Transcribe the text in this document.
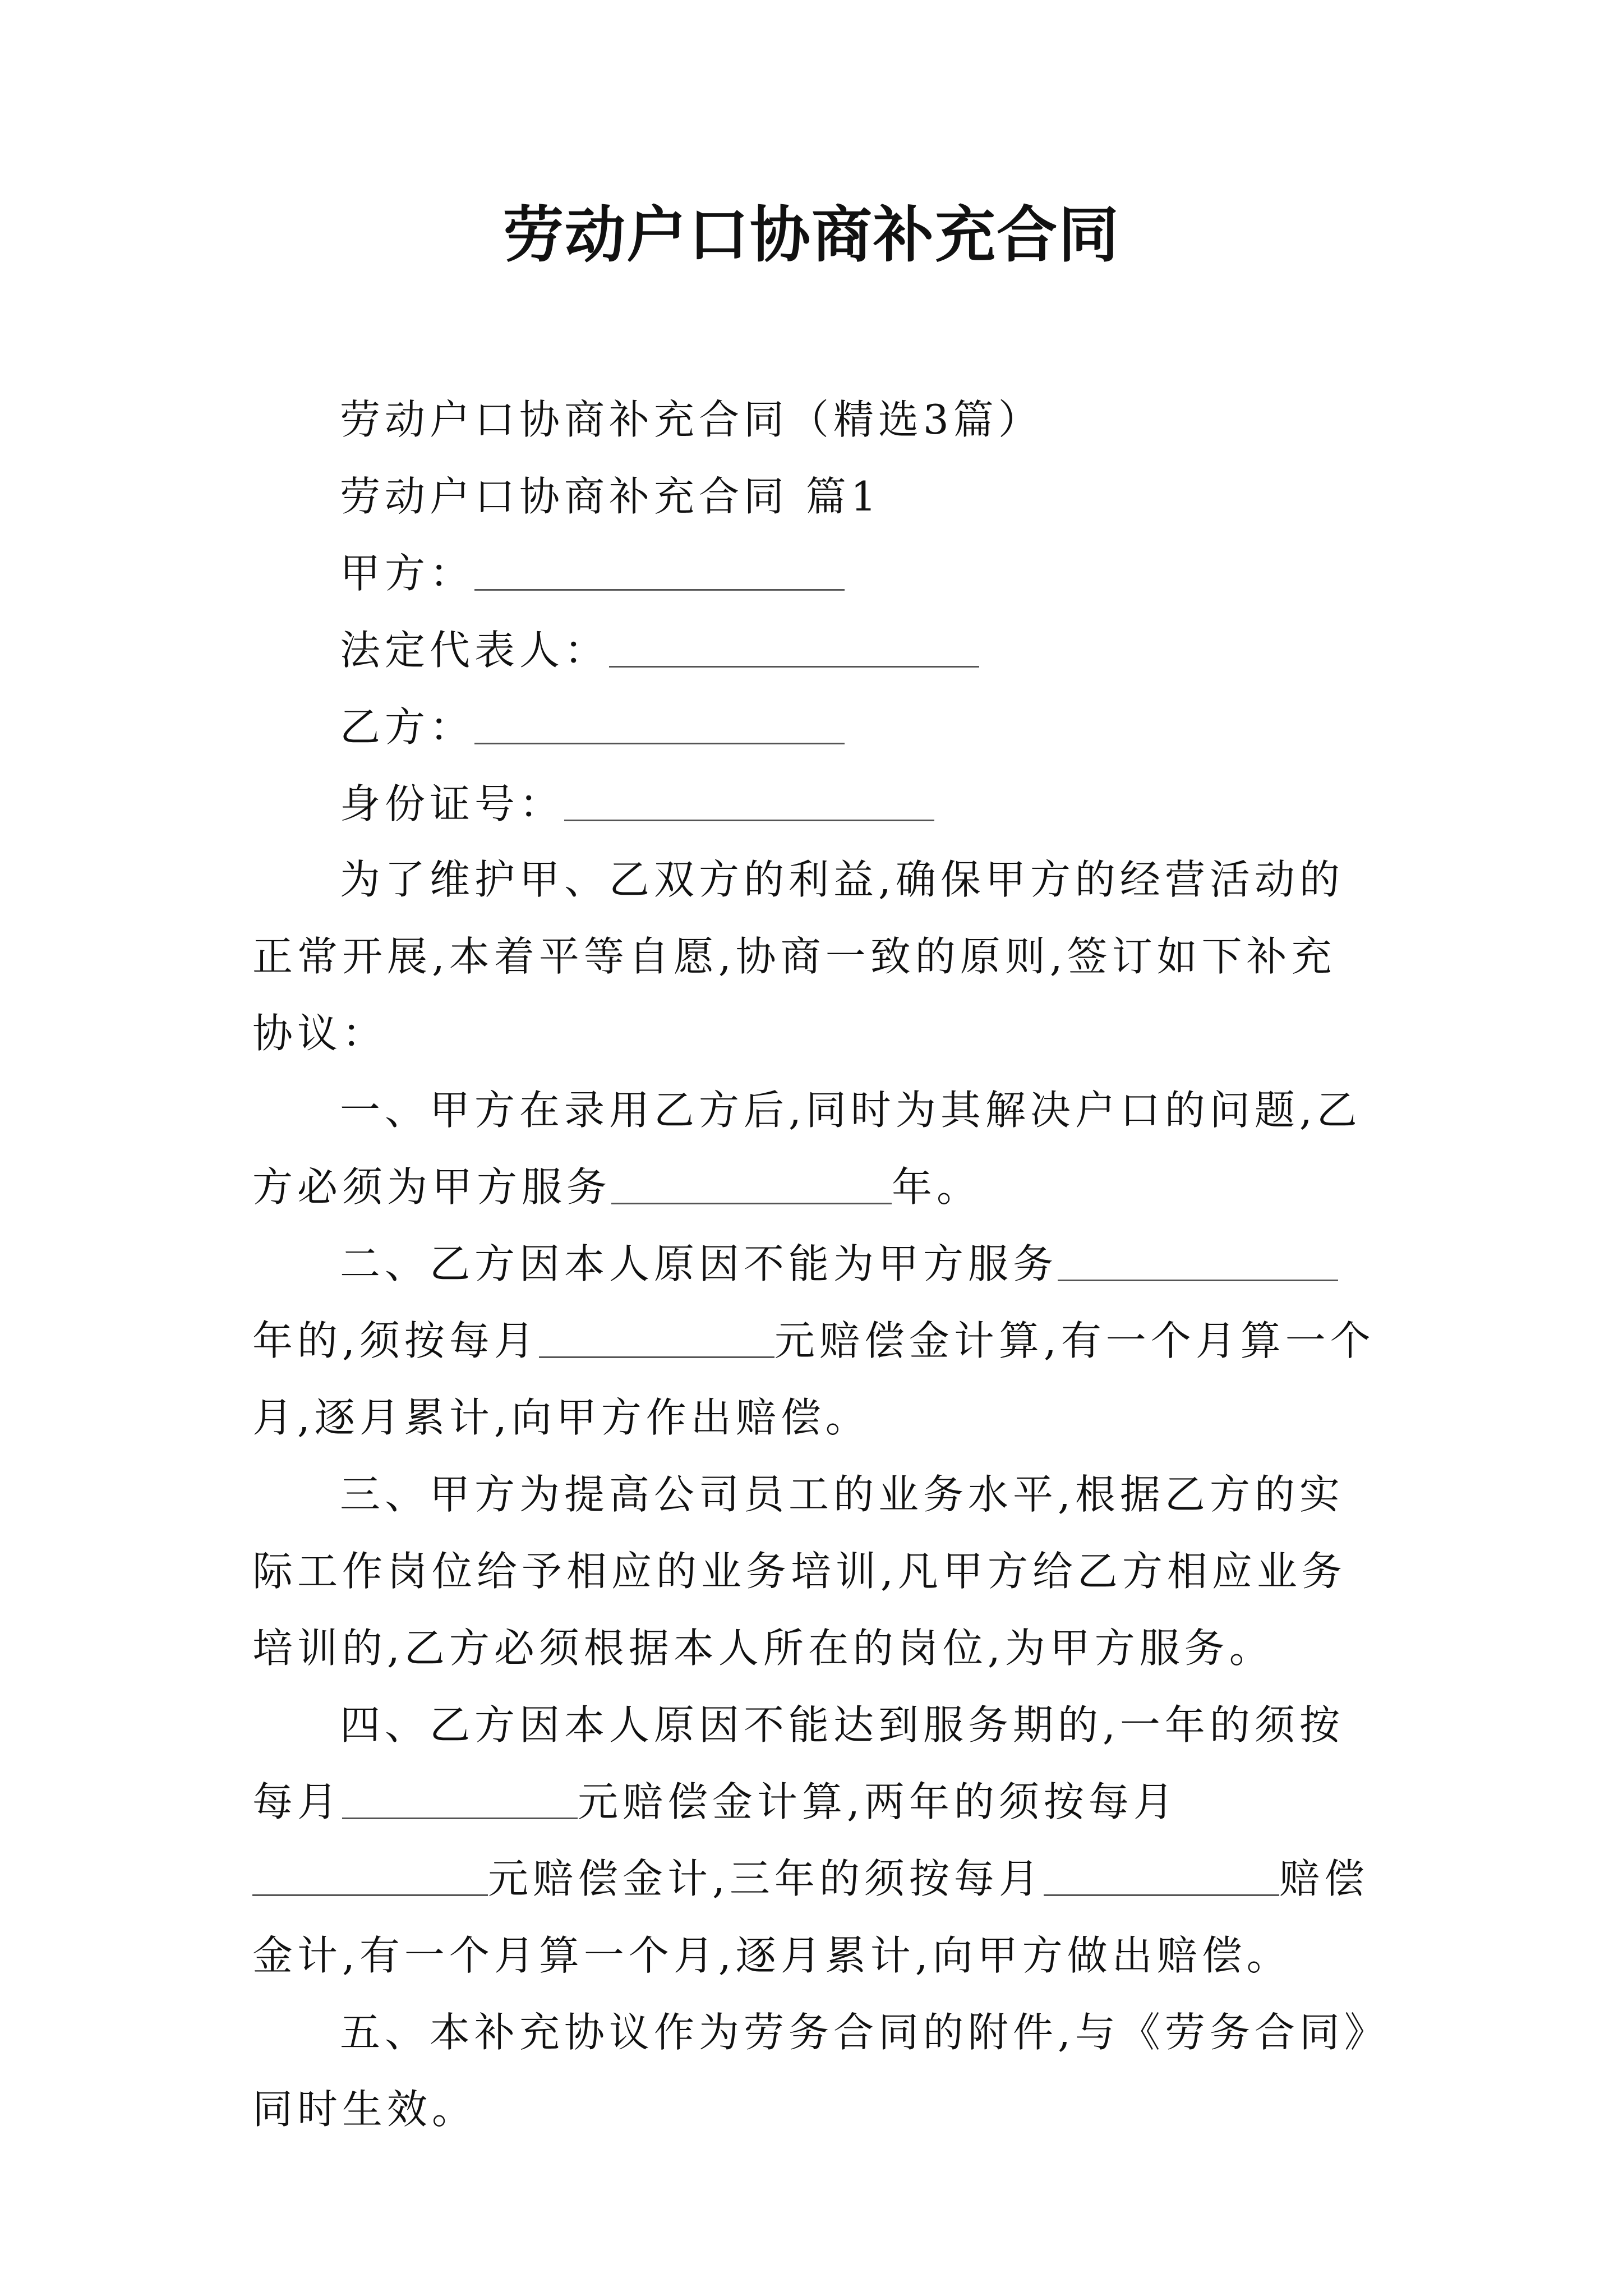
劳动户口协商补充合同

劳动户口协商补充合同（精选3篇）

劳动户口协商补充合同 篇1

甲方：

法定代表人：

乙方：

身份证号：

为了维护甲、乙双方的利益,确保甲方的经营活动的正常开展,本着平等自愿,协商一致的原则,签订如下补充协议：

一、甲方在录用乙方后,同时为其解决户口的问题,乙方必须为甲方服务	年。

二、乙方因本人原因不能为甲方服务年的,须按每月	元赔偿金计算,有一个月算一个月,逐月累计,向甲方作出赔偿。

三、甲方为提高公司员工的业务水平,根据乙方的实际工作岗位给予相应的业务培训,凡甲方给乙方相应业务培训的,乙方必须根据本人所在的岗位,为甲方服务。

四、乙方因本人原因不能达到服务期的,一年的须按每月	元赔偿金计算,两年的须按每月元赔偿金计,三年的须按每月	赔偿金计,有一个月算一个月,逐月累计,向甲方做出赔偿。

五、本补充协议作为劳务合同的附件,与《劳务合同》同时生效。
